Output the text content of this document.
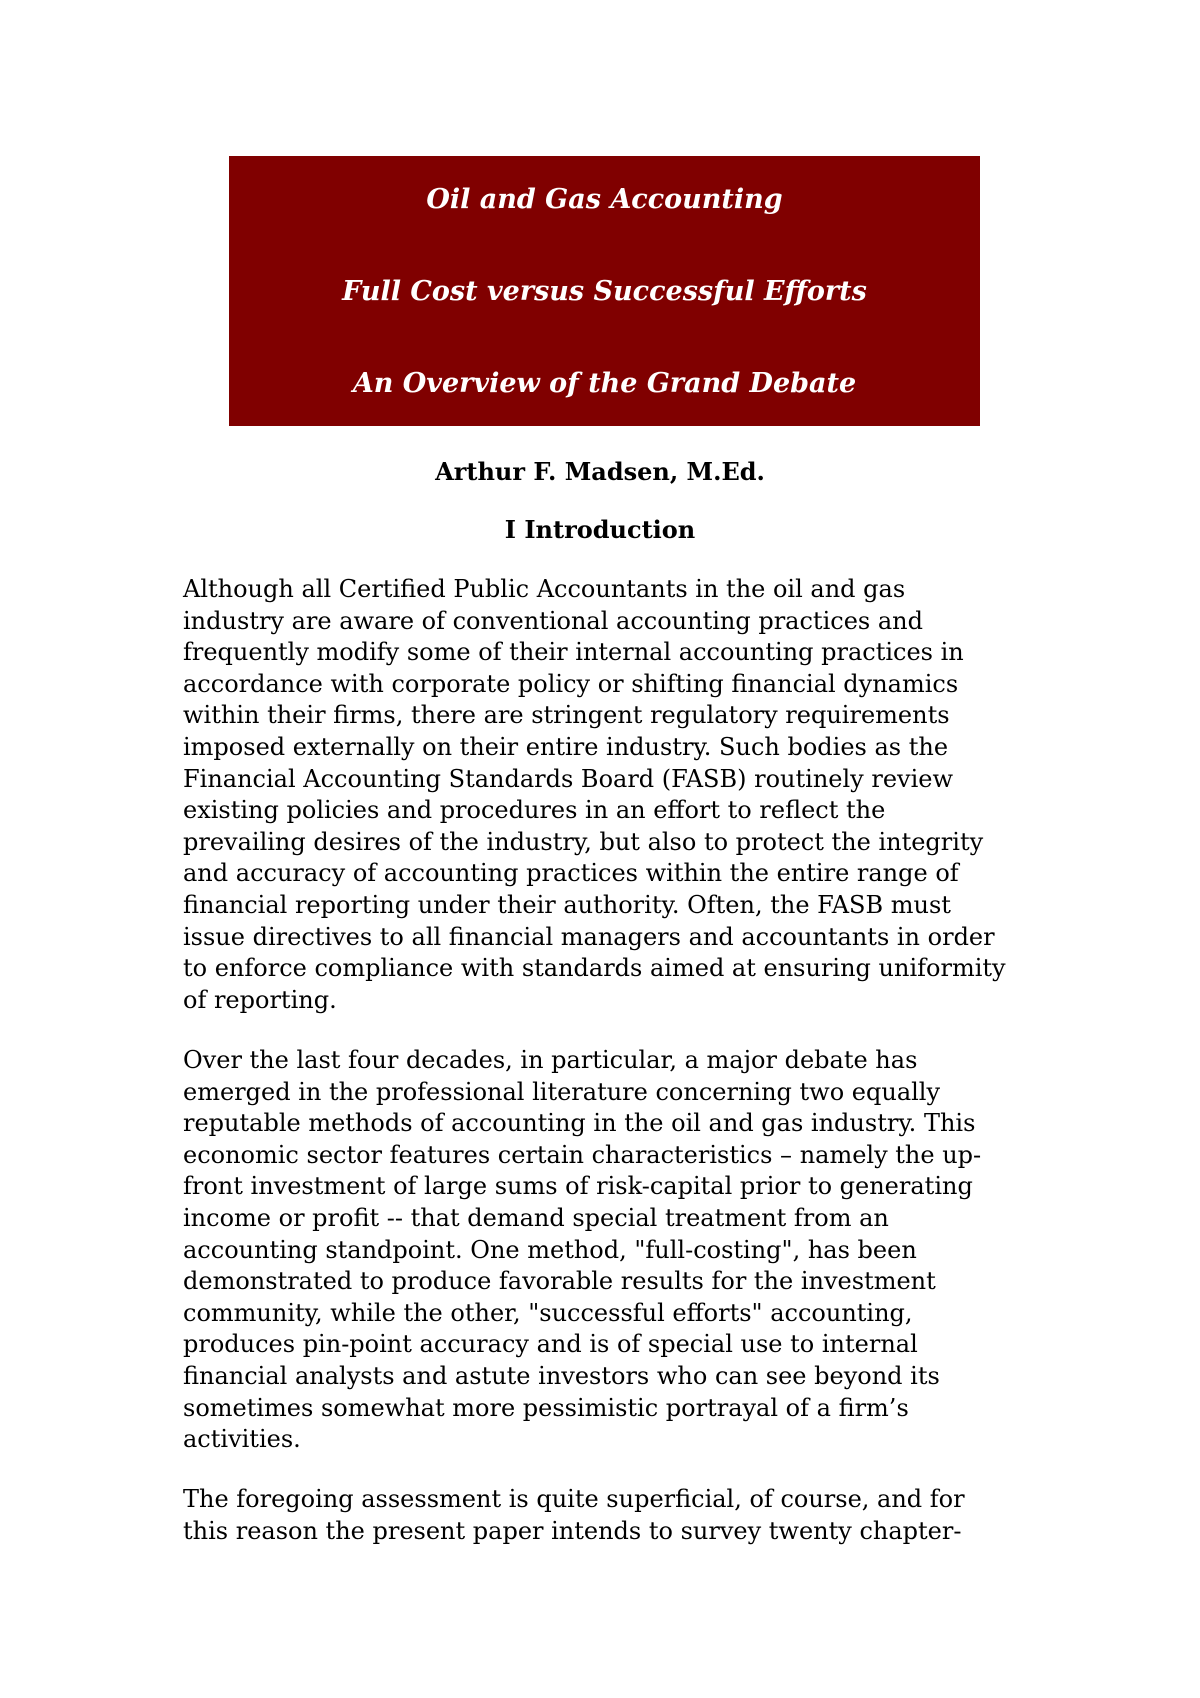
Oil and Gas Accounting
Full Cost versus Successful Efforts
An Overview of the Grand Debate
Arthur F. Madsen, M.Ed.
I Introduction
Although all Certified Public Accountants in the oil and gas
industry are aware of conventional accounting practices and
frequently modify some of their internal accounting practices in
accordance with corporate policy or shifting financial dynamics
within their firms, there are stringent regulatory requirements
imposed externally on their entire industry. Such bodies as the
Financial Accounting Standards Board (FASB) routinely review
existing policies and procedures in an effort to reflect the
prevailing desires of the industry, but also to protect the integrity
and accuracy of accounting practices within the entire range of
financial reporting under their authority. Often, the FASB must
issue directives to all financial managers and accountants in order
to enforce compliance with standards aimed at ensuring uniformity
of reporting.
Over the last four decades, in particular, a major debate has
emerged in the professional literature concerning two equally
reputable methods of accounting in the oil and gas industry. This
economic sector features certain characteristics – namely the up-
front investment of large sums of risk-capital prior to generating
income or profit -- that demand special treatment from an
accounting standpoint. One method, "full-costing", has been
demonstrated to produce favorable results for the investment
community, while the other, "successful efforts" accounting,
produces pin-point accuracy and is of special use to internal
financial analysts and astute investors who can see beyond its
sometimes somewhat more pessimistic portrayal of a firm’s
activities.
The foregoing assessment is quite superficial, of course, and for
this reason the present paper intends to survey twenty chapter-
